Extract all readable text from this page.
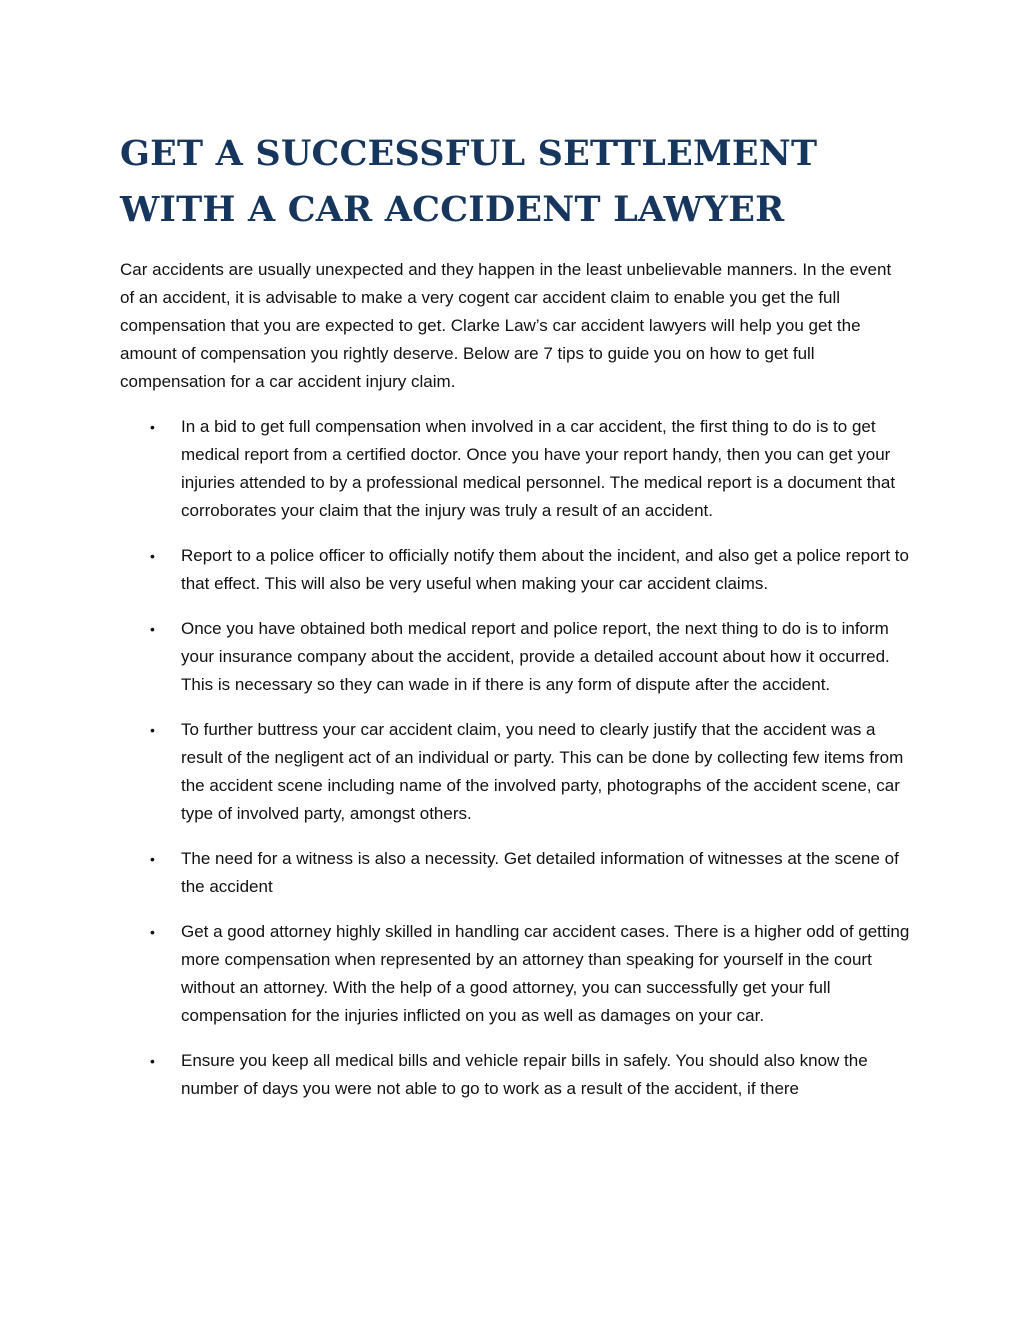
GET A SUCCESSFUL SETTLEMENT WITH A CAR ACCIDENT LAWYER

Car accidents are usually unexpected and they happen in the least unbelievable manners. In the event of an accident, it is advisable to make a very cogent car accident claim to enable you get the full compensation that you are expected to get. Clarke Law’s car accident lawyers will help you get the amount of compensation you rightly deserve. Below are 7 tips to guide you on how to get full compensation for a car accident injury claim.

• In a bid to get full compensation when involved in a car accident, the first thing to do is to get medical report from a certified doctor. Once you have your report handy, then you can get your injuries attended to by a professional medical personnel. The medical report is a document that corroborates your claim that the injury was truly a result of an accident.
• Report to a police officer to officially notify them about the incident, and also get a police report to that effect. This will also be very useful when making your car accident claims.
• Once you have obtained both medical report and police report, the next thing to do is to inform your insurance company about the accident, provide a detailed account about how it occurred. This is necessary so they can wade in if there is any form of dispute after the accident.
• To further buttress your car accident claim, you need to clearly justify that the accident was a result of the negligent act of an individual or party. This can be done by collecting few items from the accident scene including name of the involved party, photographs of the accident scene, car type of involved party, amongst others.
• The need for a witness is also a necessity. Get detailed information of witnesses at the scene of the accident
• Get a good attorney highly skilled in handling car accident cases. There is a higher odd of getting more compensation when represented by an attorney than speaking for yourself in the court without an attorney. With the help of a good attorney, you can successfully get your full compensation for the injuries inflicted on you as well as damages on your car.
• Ensure you keep all medical bills and vehicle repair bills in safely. You should also know the number of days you were not able to go to work as a result of the accident, if there
